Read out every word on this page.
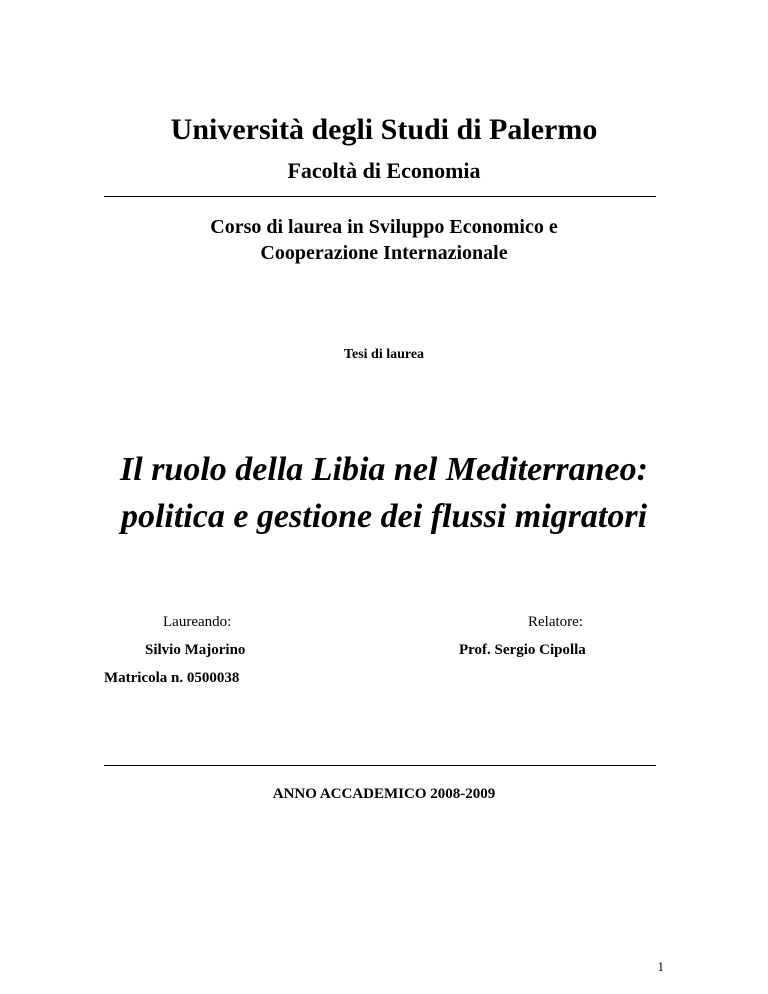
Università degli Studi di Palermo
Facoltà di Economia
Corso di laurea in Sviluppo Economico e
Cooperazione Internazionale
Tesi di laurea
Il ruolo della Libia nel Mediterraneo:
politica e gestione dei flussi migratori
Laureando:
Silvio Majorino
Matricola n. 0500038
Relatore:
Prof. Sergio Cipolla
ANNO ACCADEMICO 2008-2009
1
